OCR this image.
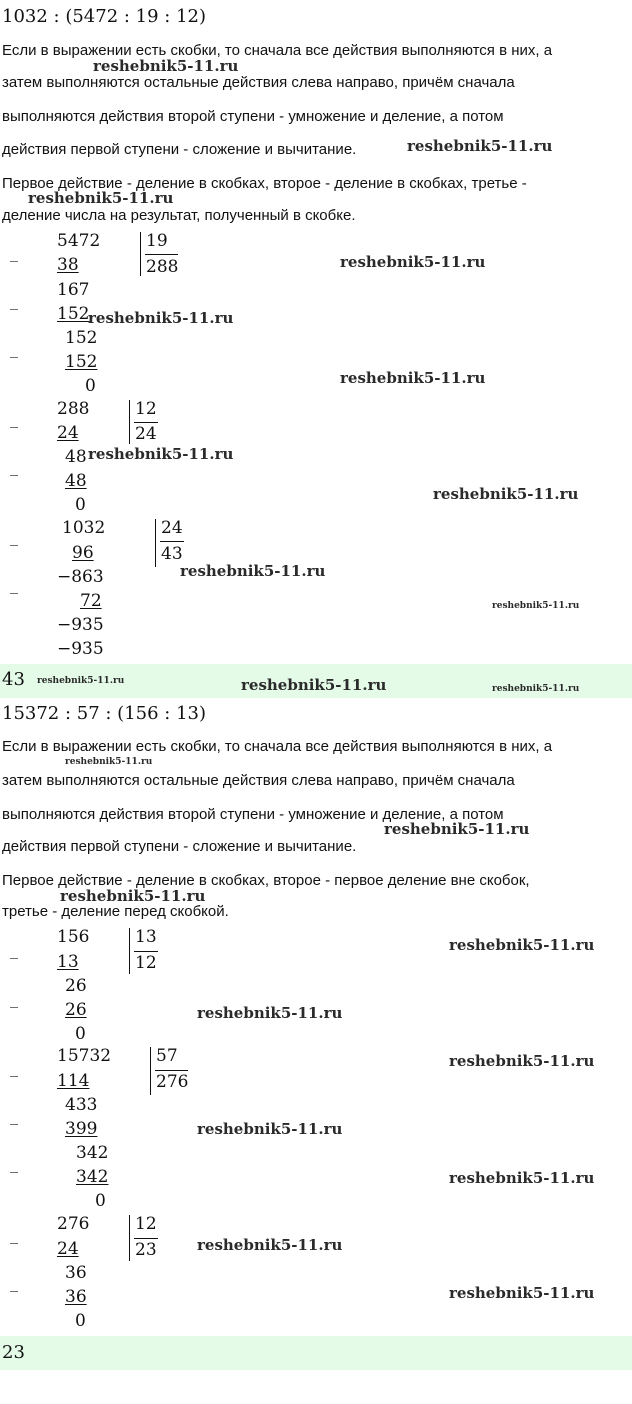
1032 : (5472 : 19 : 12)
Если в выражении есть скобки, то сначала все действия выполняются в них, а
затем выполняются остальные действия слева направо, причём сначала
выполняются действия второй ступени - умножение и деление, а потом
действия первой ступени - сложение и вычитание.
Первое действие - деление в скобках, второе - деление в скобках, третье -
деление числа на результат, полученный в скобке.
_
_
_
5472	19
288
38
167
152
152
152
0
_
_
288	12
24
24
48
48
0
_
_
1032	24
43
96
−863
72
−935
−935
43
15372 : 57 : (156 : 13)
Если в выражении есть скобки, то сначала все действия выполняются в них, а
затем выполняются остальные действия слева направо, причём сначала
выполняются действия второй ступени - умножение и деление, а потом
действия первой ступени - сложение и вычитание.
Первое действие - деление в скобках, второе - первое деление вне скобок,
третье - деление перед скобкой.
_
_
156	13
12
13
26
26
0
_
_
_
15732	57
276
114
433
399
342
342
0
_
_
276	12
23
24
36
36
0
23
reshebnik5-11.ru
reshebnik5-11.ru
reshebnik5-11.ru
reshebnik5-11.ru
reshebnik5-11.ru
reshebnik5-11.ru
reshebnik5-11.ru
reshebnik5-11.ru
reshebnik5-11.ru
reshebnik5-11.ru
reshebnik5-11.ru	reshebnik5-11.ru	reshebnik5-11.ru
reshebnik5-11.ru
reshebnik5-11.ru
reshebnik5-11.ru
reshebnik5-11.ru
reshebnik5-11.ru
reshebnik5-11.ru
reshebnik5-11.ru
reshebnik5-11.ru
reshebnik5-11.ru
reshebnik5-11.ru
